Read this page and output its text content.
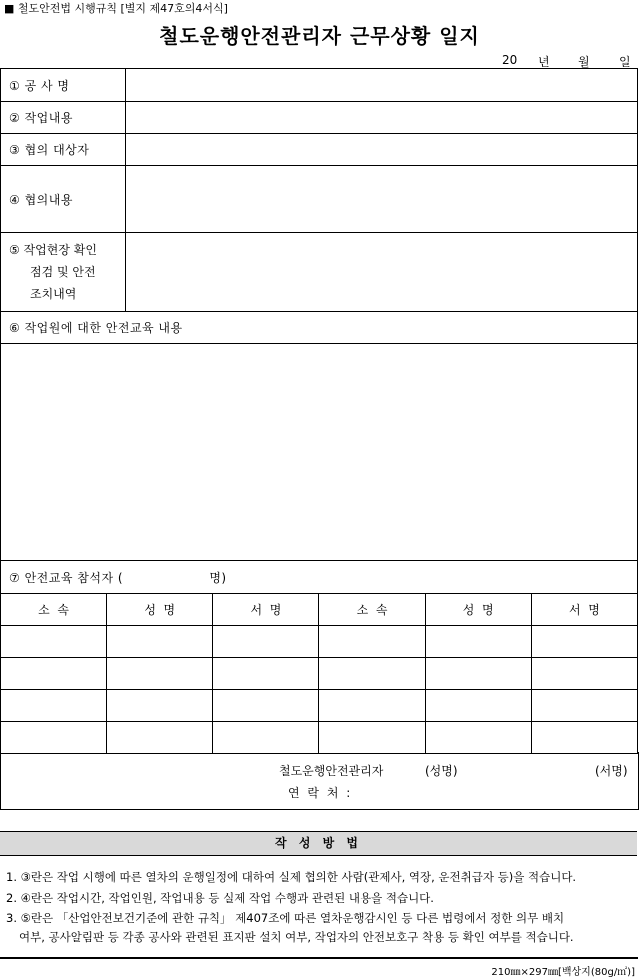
■ 철도안전법 시행규칙 [별지 제47호의4서식]
철도운행안전관리자 근무상황 일지
20 년 월 일
① 공 사 명	
② 작업내용	
③ 협의 대상자	
④ 협의내용	

⑤ 작업현장 확인
점검 및 안전
조치내역	

⑥ 작업원에 대한 안전교육 내용	

⑦ 안전교육 참석자 (                    명)	
소  속	성  명	서  명	소  속	성  명	서  명

철도운행안전관리자	(성명)	(서명)
연 락 처 :
작 성 방 법
1. ③란은 작업 시행에 따른 열차의 운행일정에 대하여 실제 협의한 사람(관제사, 역장, 운전취급자 등)을 적습니다.
2. ④란은 작업시간, 작업인원, 작업내용 등 실제 작업 수행과 관련된 내용을 적습니다.
3. ⑤란은 「산업안전보건기준에 관한 규칙」 제407조에 따른 열차운행감시인 등 다른 법령에서 정한 의무 배치
여부, 공사알림판 등 각종 공사와 관련된 표지판 설치 여부, 작업자의 안전보호구 착용 등 확인 여부를 적습니다.
210㎜×297㎜[백상지(80g/㎡)]
